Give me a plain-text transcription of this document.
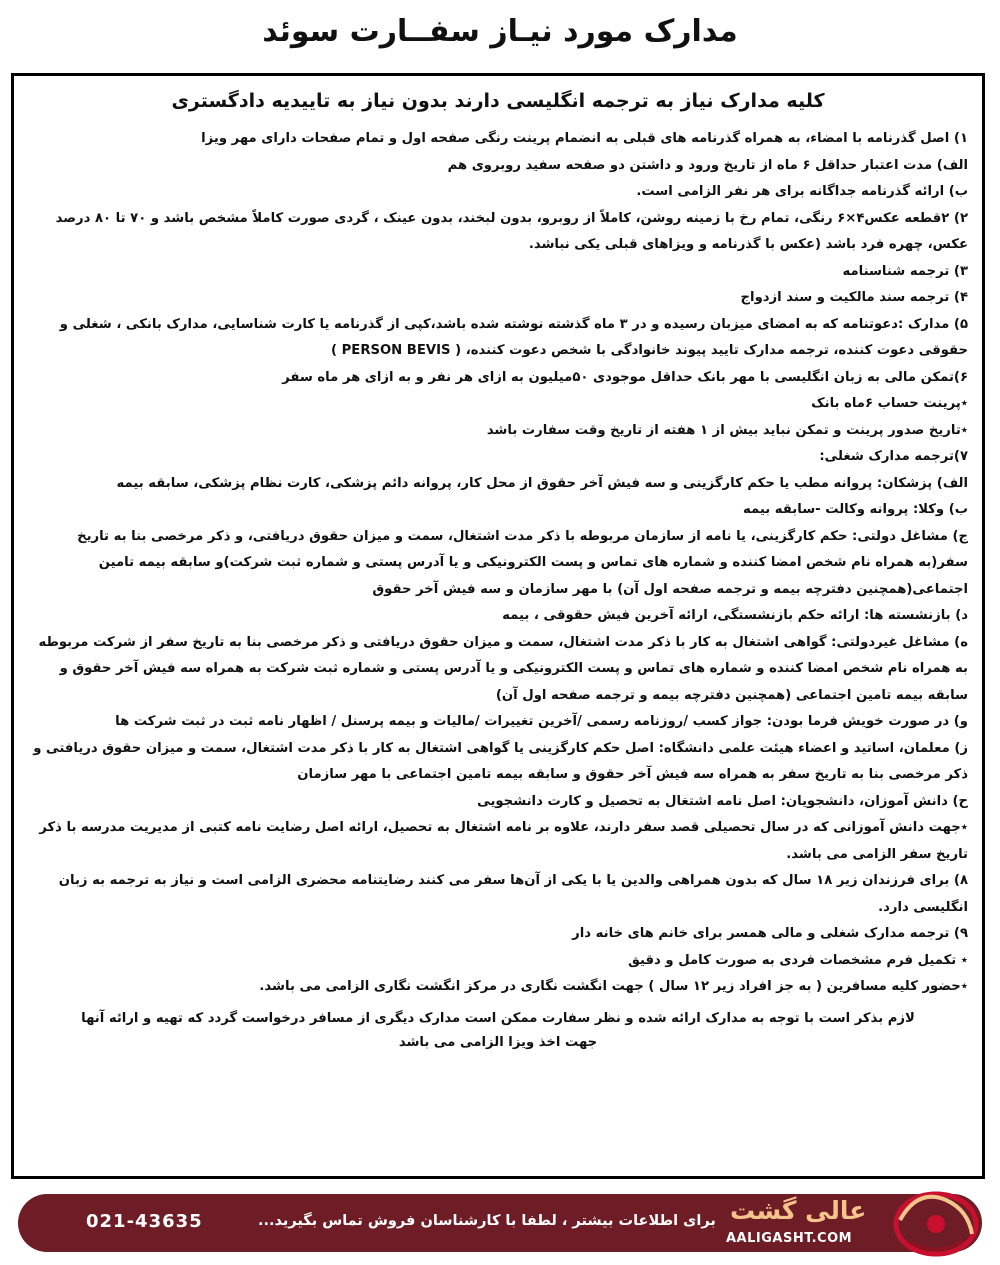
مدارک مورد نیـاز سفــارت سوئد
کلیه مدارک نیاز به ترجمه انگلیسی دارند بدون نیاز به تاییدیه دادگستری
۱) اصل گذرنامه با امضاء، به همراه گذرنامه های قبلی به انضمام پرینت رنگی صفحه اول و تمام صفحات دارای مهر ویزا
الف) مدت اعتبار حداقل ۶ ماه از تاریخ ورود و داشتن دو صفحه سفید روبروی هم
ب) ارائه گذرنامه جداگانه برای هر نفر الزامی است.
۲) ۲قطعه عکس۴×۶ رنگی، تمام رخ با زمینه روشن، کاملاً از روبرو، بدون لبخند، بدون عینک ، گردی صورت کاملاً مشخص باشد و ۷۰ تا ۸۰ درصد عکس، چهره فرد باشد (عکس با گذرنامه و ویزاهای قبلی یکی نباشد.
۳) ترجمه شناسنامه
۴) ترجمه سند مالکیت و سند ازدواج
۵) مدارک :دعوتنامه که به امضای میزبان رسیده و در ۳ ماه گذشته نوشته شده باشد،کپی از گذرنامه یا کارت شناسایی، مدارک بانکی ، شغلی و حقوقی دعوت کننده، ترجمه مدارک تایید پیوند خانوادگی با شخص دعوت کننده، ( PERSON BEVIS )
۶)تمکن مالی به زبان انگلیسی با مهر بانک حداقل موجودی ۵۰میلیون به ازای هر نفر و به ازای هر ماه سفر
٭پرینت حساب ۶ماه بانک
٭تاریخ صدور پرینت و تمکن نباید بیش از ۱ هفته از تاریخ وقت سفارت باشد
۷)ترجمه مدارک شغلی:
الف) پزشکان: پروانه مطب یا حکم کارگزینی و سه فیش آخر حقوق از محل کار، پروانه دائم پزشکی، کارت نظام پزشکی، سابقه بیمه
ب) وکلا: پروانه وکالت -سابقه بیمه
ج) مشاغل دولتی: حکم کارگزینی، یا نامه از سازمان مربوطه با ذکر مدت اشتغال، سمت و میزان حقوق دریافتی، و ذکر مرخصی بنا به تاریخ سفر(به همراه نام شخص امضا کننده و شماره های تماس و پست الکترونیکی و یا آدرس پستی و شماره ثبت شرکت)و سابقه بیمه تامین اجتماعی(همچنین دفترچه بیمه و ترجمه صفحه اول آن) با مهر سازمان و سه فیش آخر حقوق
د) بازنشسته ها: ارائه حکم بازنشستگی، ارائه آخرین فیش حقوقی ، بیمه
ه) مشاغل غیردولتی: گواهی اشتغال به کار با ذکر مدت اشتغال، سمت و میزان حقوق دریافتی و ذکر مرخصی بنا به تاریخ سفر از شرکت مربوطه به همراه نام شخص امضا کننده و شماره های تماس و پست الکترونیکی و یا آدرس پستی و شماره ثبت شرکت به همراه سه فیش آخر حقوق و سابقه بیمه تامین اجتماعی (همچنین دفترچه بیمه و ترجمه صفحه اول آن)
و) در صورت خویش فرما بودن: جواز کسب /روزنامه رسمی /آخرین تغییرات /مالیات و بیمه پرسنل / اظهار نامه ثبت در ثبت شرکت ها
ز) معلمان، اساتید و اعضاء هیئت علمی دانشگاه: اصل حکم کارگزینی یا گواهی اشتغال به کار با ذکر مدت اشتغال، سمت و میزان حقوق دریافتی و ذکر مرخصی بنا به تاریخ سفر به همراه سه فیش آخر حقوق و سابقه بیمه تامین اجتماعی با مهر سازمان
ح) دانش آموزان، دانشجویان: اصل نامه اشتغال به تحصیل و کارت دانشجویی
٭جهت دانش آموزانی که در سال تحصیلی قصد سفر دارند، علاوه بر نامه اشتغال به تحصیل، ارائه اصل رضایت نامه کتبی از مدیریت مدرسه با ذکر تاریخ سفر الزامی می باشد.
۸) برای فرزندان زیر ۱۸ سال که بدون همراهی والدین یا با یکی از آن‌ها سفر می کنند رضایتنامه محضری الزامی است و نیاز به ترجمه به زبان انگلیسی دارد.
۹) ترجمه مدارک شغلی و مالی همسر برای خانم های خانه دار
٭ تکمیل فرم مشخصات فردی به صورت کامل و دقیق
٭حضور کلیه مسافرین ( به جز افراد زیر ۱۲ سال ) جهت انگشت نگاری در مرکز انگشت نگاری الزامی می باشد.
لازم بذکر است با توجه به مدارک ارائه شده و نظر سفارت ممکن است مدارک دیگری از مسافر درخواست گردد که تهیه و ارائه آنها
جهت اخذ ویزا الزامی می باشد
021-43635	برای اطلاعات بیشتر ، لطفا با کارشناسان فروش تماس بگیرید... عالی گشت
AALIGASHT.COM
